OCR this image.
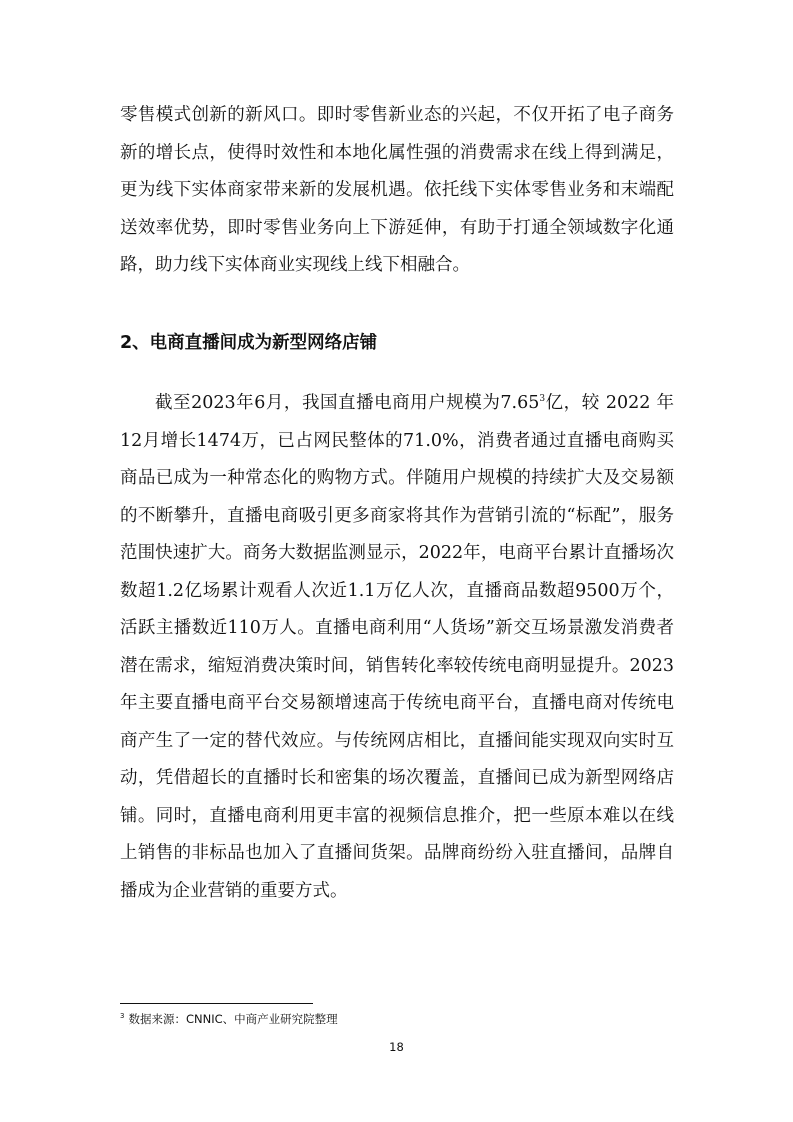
零售模式创新的新风口。即时零售新业态的兴起，不仅开拓了电子商务新的增长点，使得时效性和本地化属性强的消费需求在线上得到满足，更为线下实体商家带来新的发展机遇。依托线下实体零售业务和末端配送效率优势，即时零售业务向上下游延伸，有助于打通全领域数字化通路，助力线下实体商业实现线上线下相融合。

2、电商直播间成为新型网络店铺

截至2023年6月，我国直播电商用户规模为7.65$^3$亿，较 2022 年12月增长1474万，已占网民整体的71.0%，消费者通过直播电商购买商品已成为一种常态化的购物方式。伴随用户规模的持续扩大及交易额的不断攀升，直播电商吸引更多商家将其作为营销引流的“标配”，服务范围快速扩大。商务大数据监测显示，2022年，电商平台累计直播场次数超1.2亿场累计观看人次近1.1万亿人次，直播商品数超9500万个，活跃主播数近110万人。直播电商利用“人货场”新交互场景激发消费者潜在需求，缩短消费决策时间，销售转化率较传统电商明显提升。2023年主要直播电商平台交易额增速高于传统电商平台，直播电商对传统电商产生了一定的替代效应。与传统网店相比，直播间能实现双向实时互动，凭借超长的直播时长和密集的场次覆盖，直播间已成为新型网络店铺。同时，直播电商利用更丰富的视频信息推介，把一些原本难以在线上销售的非标品也加入了直播间货架。品牌商纷纷入驻直播间，品牌自播成为企业营销的重要方式。

$^3$ 数据来源：CNNIC、中商产业研究院整理

18
